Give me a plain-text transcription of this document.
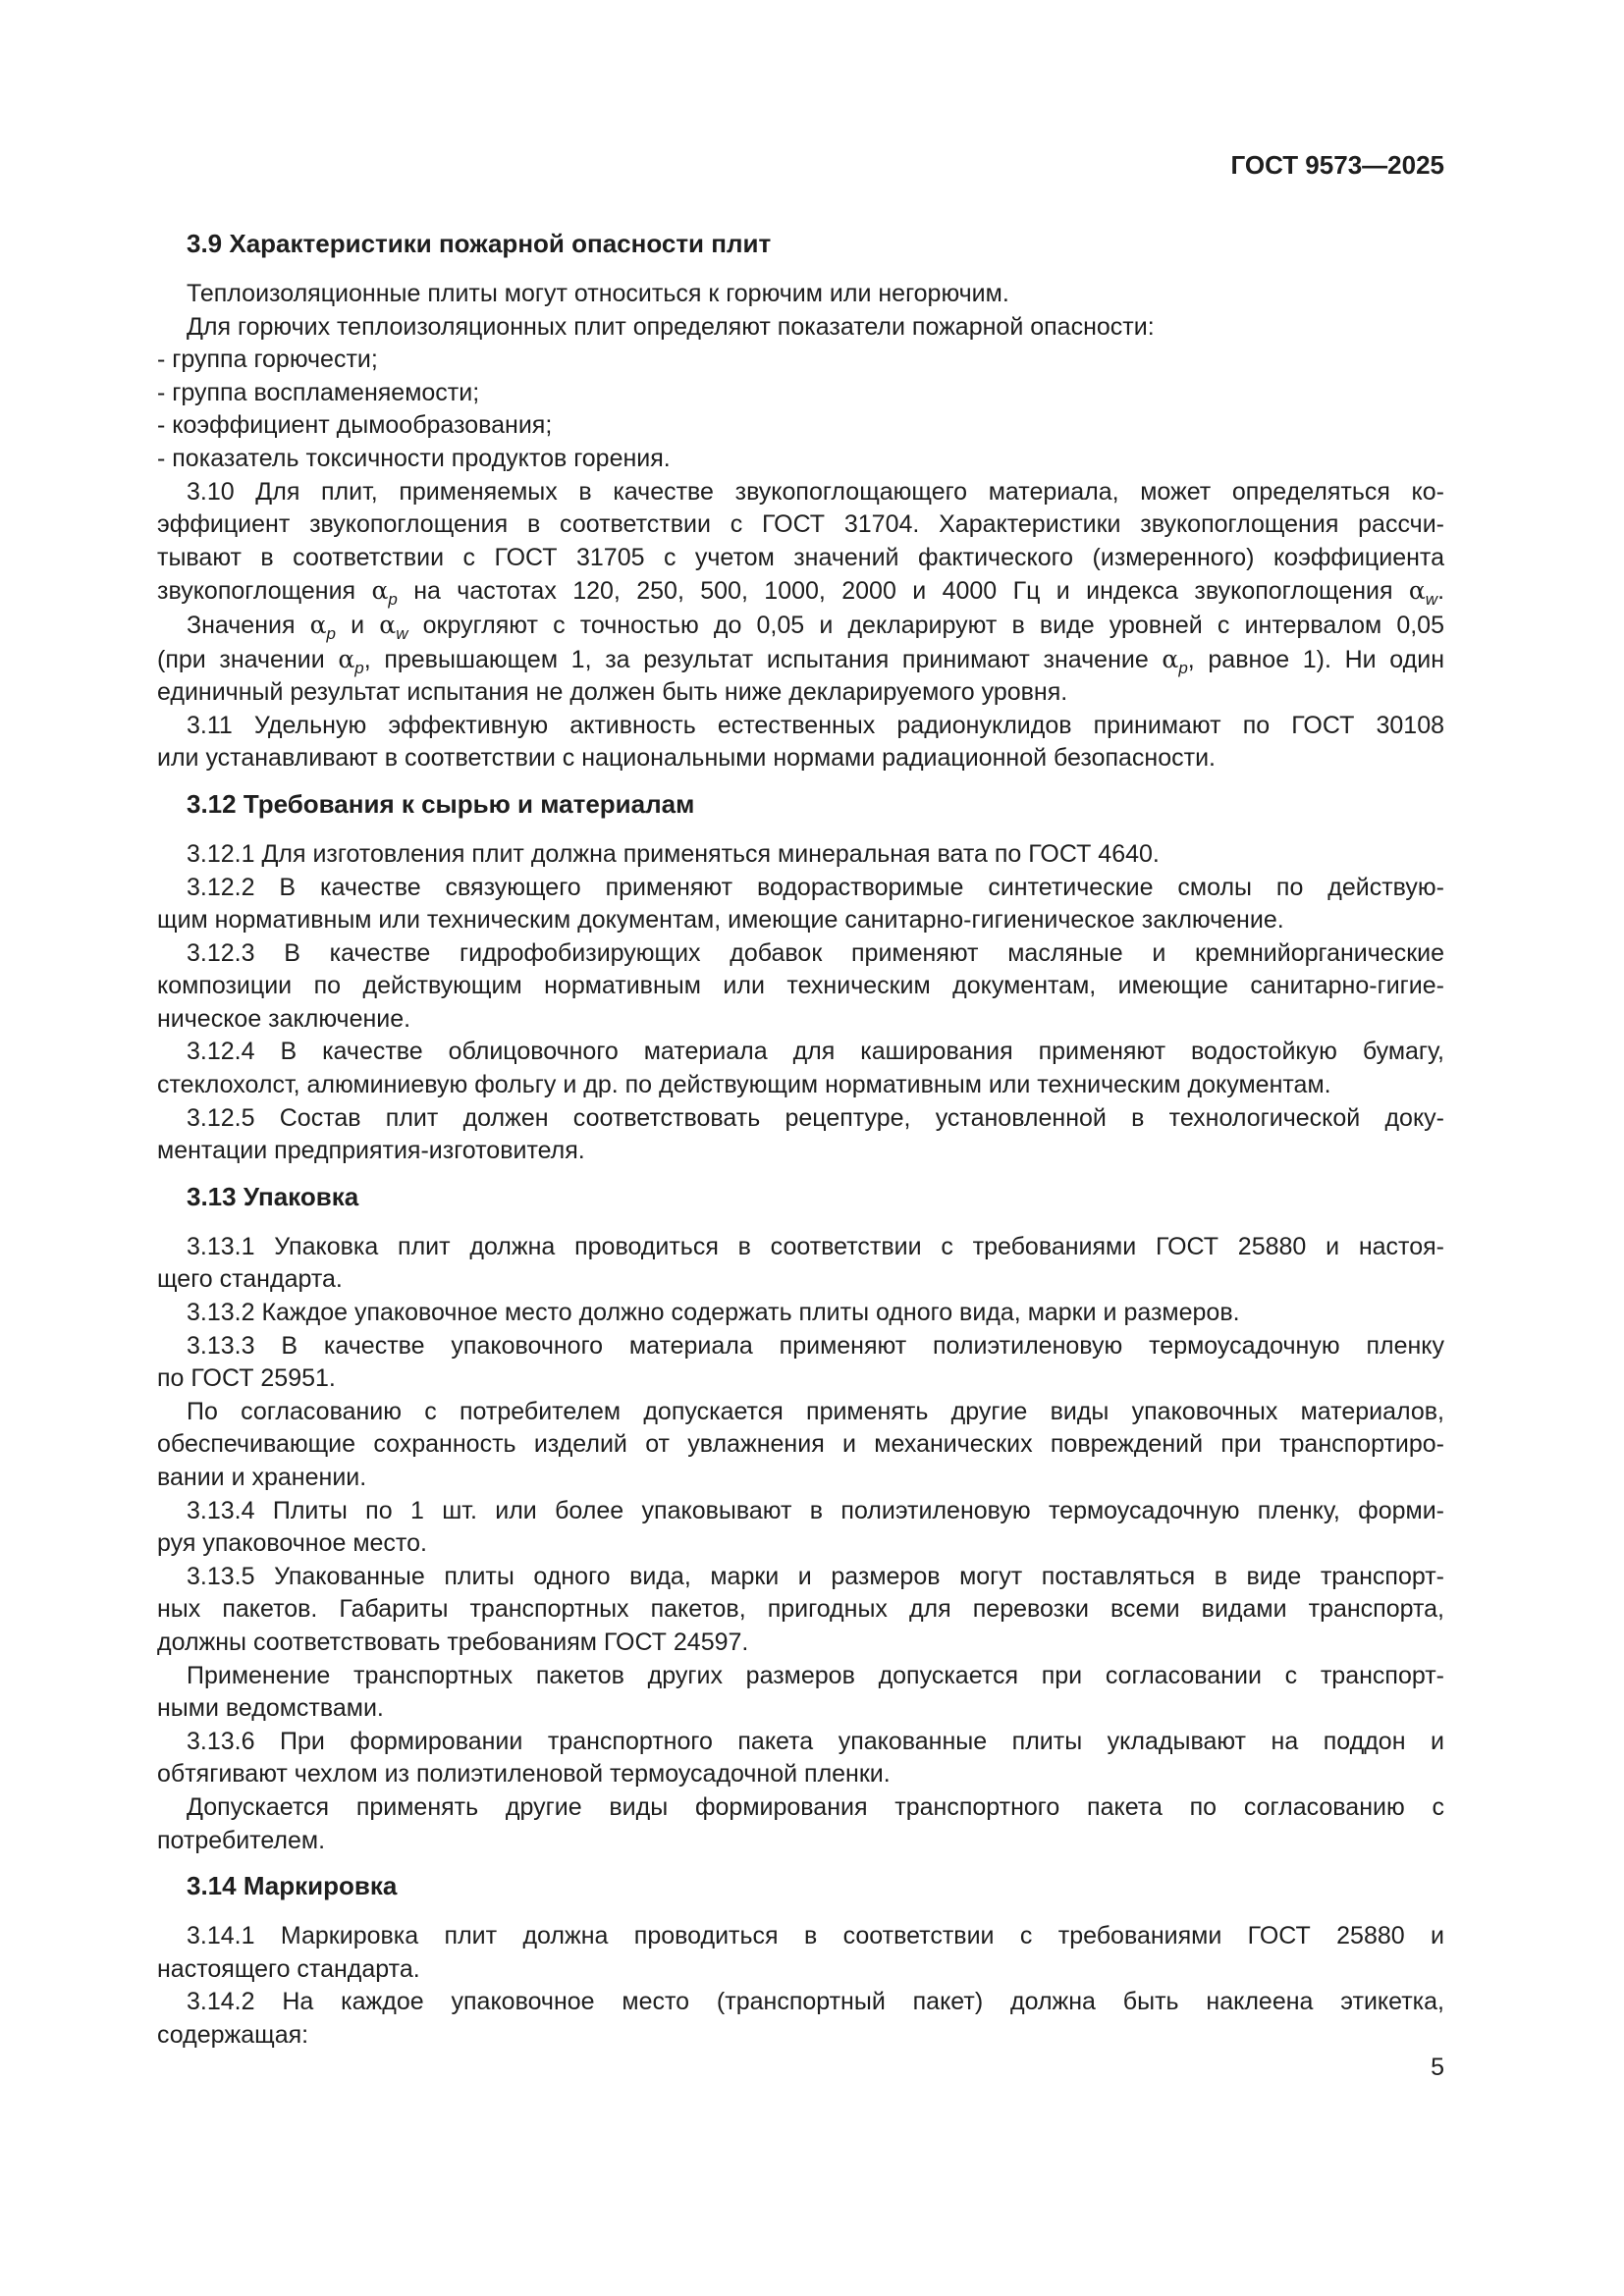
ГОСТ 9573—2025
3.9 Характеристики пожарной опасности плит
Теплоизоляционные плиты могут относиться к горючим или негорючим.
Для горючих теплоизоляционных плит определяют показатели пожарной опасности:
- группа горючести;
- группа воспламеняемости;
- коэффициент дымообразования;
- показатель токсичности продуктов горения.
3.10 Для плит, применяемых в качестве звукопоглощающего материала, может определяться ко-
эффициент звукопоглощения в соответствии с ГОСТ 31704. Характеристики звукопоглощения рассчи-
тывают в соответствии с ГОСТ 31705 с учетом значений фактического (измеренного) коэффициента
звукопоглощения $\alpha_p$ на частотах 120, 250, 500, 1000, 2000 и 4000 Гц и индекса звукопоглощения $\alpha_w$.
Значения $\alpha_p$ и $\alpha_w$ округляют с точностью до 0,05 и декларируют в виде уровней с интервалом 0,05
(при значении $\alpha_p$, превышающем 1, за результат испытания принимают значение $\alpha_p$, равное 1). Ни один
единичный результат испытания не должен быть ниже декларируемого уровня.
3.11 Удельную эффективную активность естественных радионуклидов принимают по ГОСТ 30108
или устанавливают в соответствии с национальными нормами радиационной безопасности.
3.12 Требования к сырью и материалам
3.12.1 Для изготовления плит должна применяться минеральная вата по ГОСТ 4640.
3.12.2 В качестве связующего применяют водорастворимые синтетические смолы по действую-
щим нормативным или техническим документам, имеющие санитарно-гигиеническое заключение.
3.12.3 В качестве гидрофобизирующих добавок применяют масляные и кремнийорганические
композиции по действующим нормативным или техническим документам, имеющие санитарно-гигие-
ническое заключение.
3.12.4 В качестве облицовочного материала для каширования применяют водостойкую бумагу,
стеклохолст, алюминиевую фольгу и др. по действующим нормативным или техническим документам.
3.12.5 Состав плит должен соответствовать рецептуре, установленной в технологической доку-
ментации предприятия-изготовителя.
3.13 Упаковка
3.13.1 Упаковка плит должна проводиться в соответствии с требованиями ГОСТ 25880 и настоя-
щего стандарта.
3.13.2 Каждое упаковочное место должно содержать плиты одного вида, марки и размеров.
3.13.3 В качестве упаковочного материала применяют полиэтиленовую термоусадочную пленку
по ГОСТ 25951.
По согласованию с потребителем допускается применять другие виды упаковочных материалов,
обеспечивающие сохранность изделий от увлажнения и механических повреждений при транспортиро-
вании и хранении.
3.13.4 Плиты по 1 шт. или более упаковывают в полиэтиленовую термоусадочную пленку, форми-
руя упаковочное место.
3.13.5 Упакованные плиты одного вида, марки и размеров могут поставляться в виде транспорт-
ных пакетов. Габариты транспортных пакетов, пригодных для перевозки всеми видами транспорта,
должны соответствовать требованиям ГОСТ 24597.
Применение транспортных пакетов других размеров допускается при согласовании с транспорт-
ными ведомствами.
3.13.6 При формировании транспортного пакета упакованные плиты укладывают на поддон и
обтягивают чехлом из полиэтиленовой термоусадочной пленки.
Допускается применять другие виды формирования транспортного пакета по согласованию с
потребителем.
3.14 Маркировка
3.14.1 Маркировка плит должна проводиться в соответствии с требованиями ГОСТ 25880 и
настоящего стандарта.
3.14.2 На каждое упаковочное место (транспортный пакет) должна быть наклеена этикетка,
содержащая:
5
